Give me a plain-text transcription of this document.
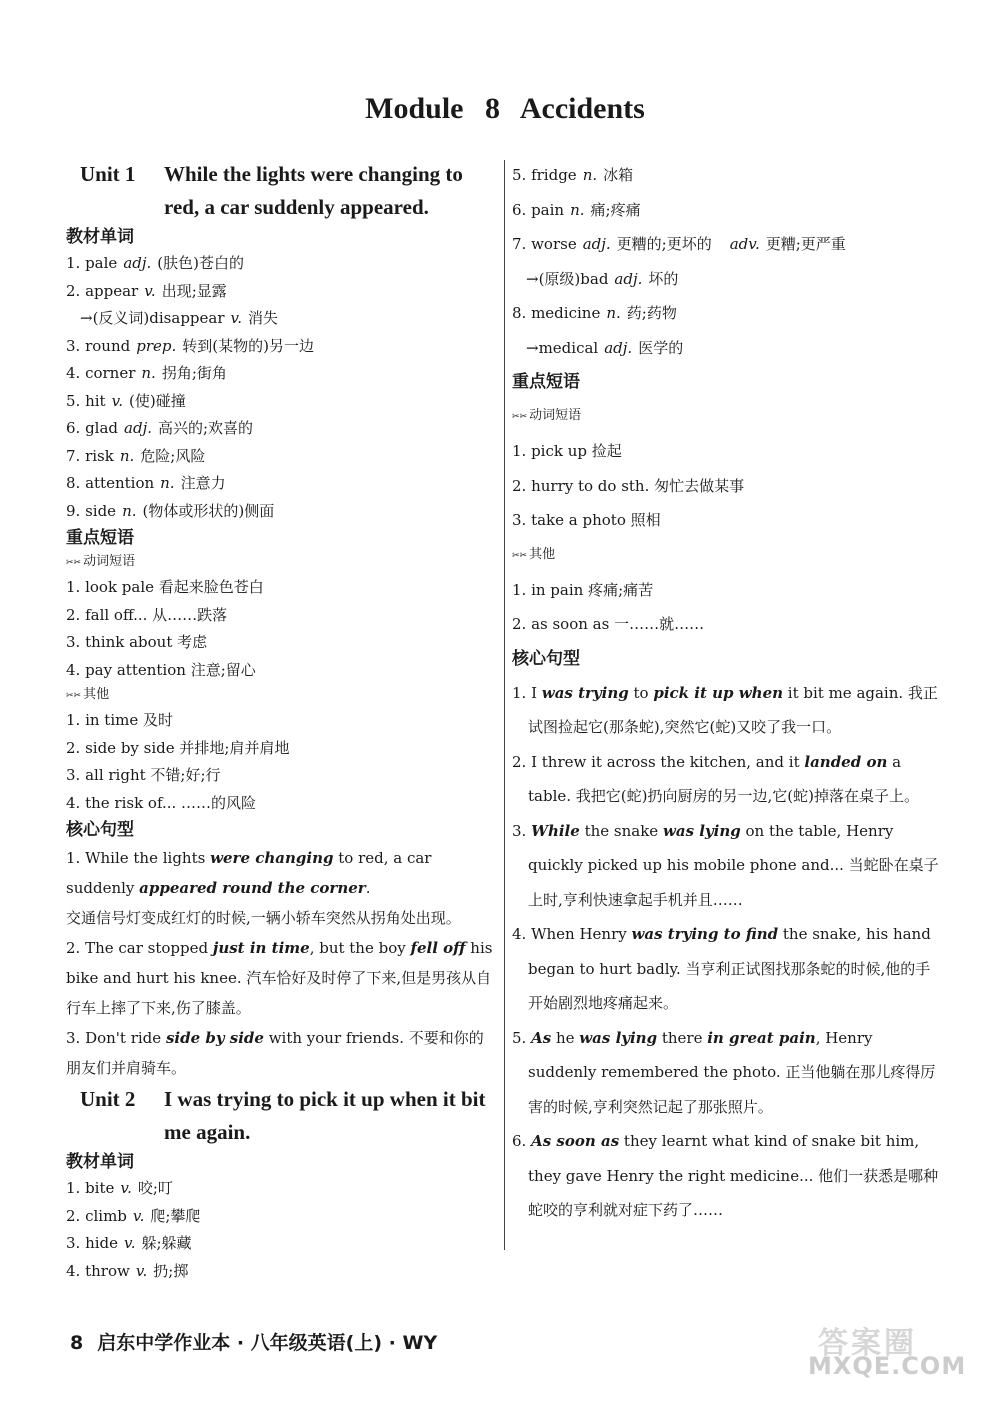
Module 8 Accidents
Unit 1	While the lights were changing to red, a car suddenly appeared.
教材单词
1. pale adj. (肤色)苍白的
2. appear v. 出现;显露
→(反义词)disappear v. 消失
3. round prep. 转到(某物的)另一边
4. corner n. 拐角;街角
5. hit v. (使)碰撞
6. glad adj. 高兴的;欢喜的
7. risk n. 危险;风险
8. attention n. 注意力
9. side n. (物体或形状的)侧面
重点短语
✂✂ 动词短语
1. look pale 看起来脸色苍白
2. fall off... 从……跌落
3. think about 考虑
4. pay attention 注意;留心
✂✂ 其他
1. in time 及时
2. side by side 并排地;肩并肩地
3. all right 不错;好;行
4. the risk of... ……的风险
核心句型
1. While the lights were changing to red, a car suddenly appeared round the corner.
交通信号灯变成红灯的时候,一辆小轿车突然从拐角处出现。
2. The car stopped just in time, but the boy fell off his bike and hurt his knee. 汽车恰好及时停了下来,但是男孩从自行车上摔了下来,伤了膝盖。
3. Don't ride side by side with your friends. 不要和你的朋友们并肩骑车。
Unit 2	I was trying to pick it up when it bit me again.
教材单词
1. bite v. 咬;叮
2. climb v. 爬;攀爬
3. hide v. 躲;躲藏
4. throw v. 扔;掷
5. fridge n. 冰箱
6. pain n. 痛;疼痛
7. worse adj. 更糟的;更坏的 adv. 更糟;更严重
→(原级)bad adj. 坏的
8. medicine n. 药;药物
→medical adj. 医学的
重点短语
✂✂ 动词短语
1. pick up 捡起
2. hurry to do sth. 匆忙去做某事
3. take a photo 照相
✂✂ 其他
1. in pain 疼痛;痛苦
2. as soon as 一……就……
核心句型
1. I was trying to pick it up when it bit me again. 我正试图捡起它(那条蛇),突然它(蛇)又咬了我一口。
2. I threw it across the kitchen, and it landed on a table. 我把它(蛇)扔向厨房的另一边,它(蛇)掉落在桌子上。
3. While the snake was lying on the table, Henry quickly picked up his mobile phone and... 当蛇卧在桌子上时,亨利快速拿起手机并且……
4. When Henry was trying to find the snake, his hand began to hurt badly. 当亨利正试图找那条蛇的时候,他的手开始剧烈地疼痛起来。
5. As he was lying there in great pain, Henry suddenly remembered the photo. 正当他躺在那儿疼得厉害的时候,亨利突然记起了那张照片。
6. As soon as they learnt what kind of snake bit him, they gave Henry the right medicine... 他们一获悉是哪种蛇咬的亨利就对症下药了……
8 启东中学作业本 · 八年级英语(上) · WY	答案圈
MXQE.COM
